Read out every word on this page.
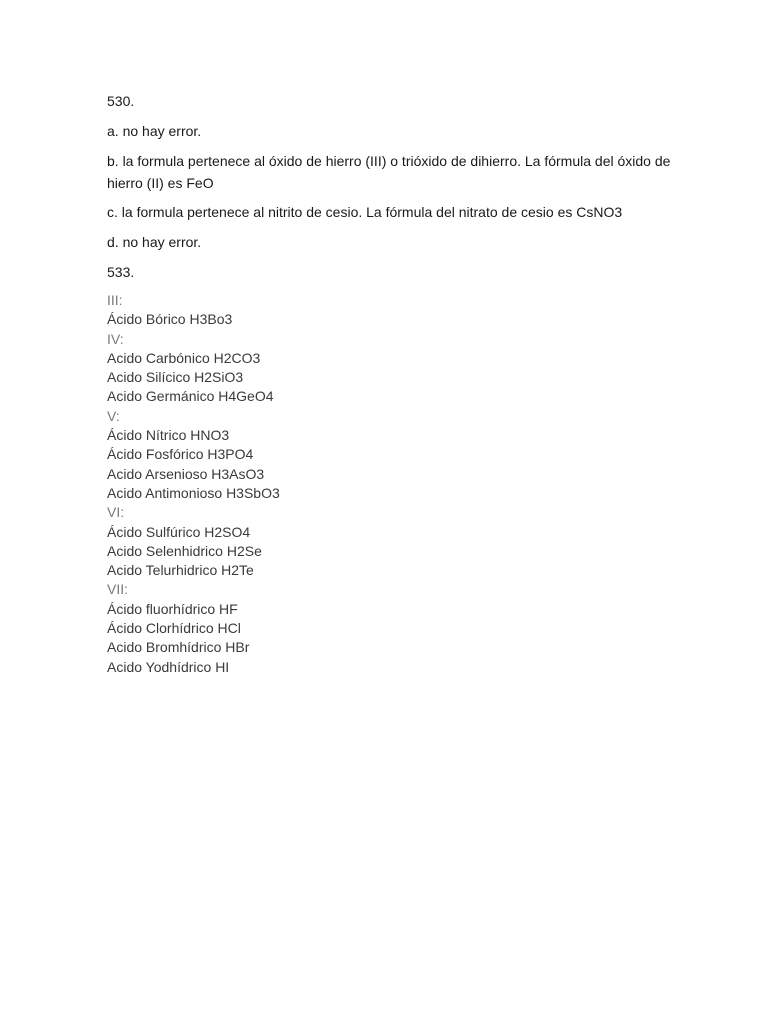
530.

a. no hay error.

b. la formula pertenece al óxido de hierro (III) o trióxido de dihierro. La fórmula del óxido de hierro (II) es FeO

c. la formula pertenece al nitrito de cesio. La fórmula del nitrato de cesio es CsNO3

d. no hay error.

533.

III:
Ácido Bórico H3Bo3
IV:
Acido Carbónico H2CO3
Acido Silícico H2SiO3
Acido Germánico H4GeO4
V:
Ácido Nítrico HNO3
Ácido Fosfórico H3PO4
Acido Arsenioso H3AsO3
Acido Antimonioso H3SbO3
VI:
Ácido Sulfúrico H2SO4
Acido Selenhidrico H2Se
Acido Telurhidrico H2Te
VII:
Ácido fluorhídrico HF
Ácido Clorhídrico HCl
Acido Bromhídrico HBr
Acido Yodhídrico HI
